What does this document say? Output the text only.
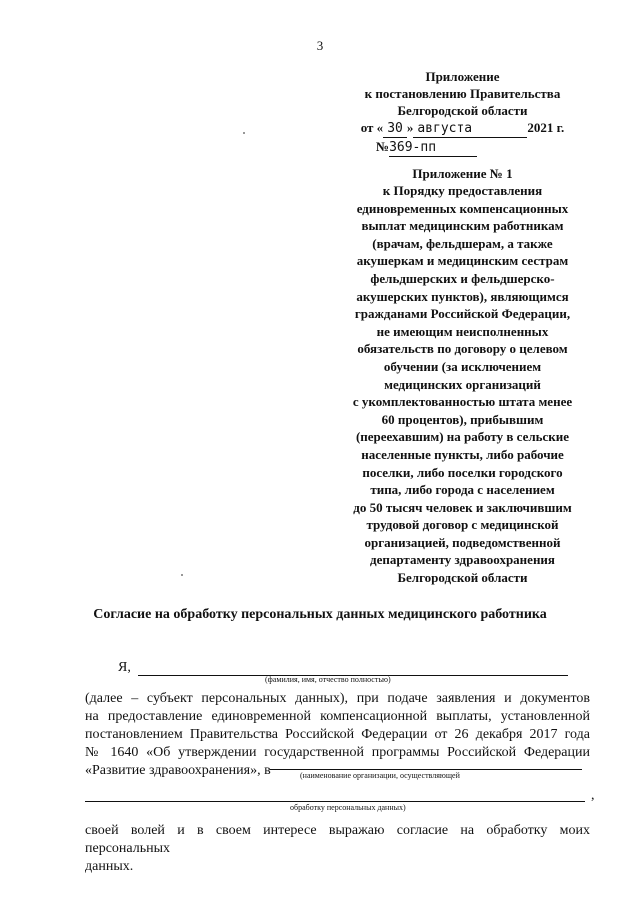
3
Приложение
к постановлению Правительства
Белгородской области
от « 30 » августа	2021 г.
№369-пп
Приложение № 1
к Порядку предоставления
единовременных компенсационных
выплат медицинским работникам
(врачам, фельдшерам, а также
акушеркам и медицинским сестрам
фельдшерских и фельдшерско-
акушерских пунктов), являющимся
гражданами Российской Федерации,
не имеющим неисполненных
обязательств по договору о целевом
обучении (за исключением
медицинских организаций
с укомплектованностью штата менее
60 процентов), прибывшим
(переехавшим) на работу в сельские
населенные пункты, либо рабочие
поселки, либо поселки городского
типа, либо города с населением
до 50 тысяч человек и заключившим
трудовой договор с медицинской
организацией, подведомственной
департаменту здравоохранения
Белгородской области
Согласие на обработку персональных данных медицинского работника
Я,
(фамилия, имя, отчество полностью)
(далее – субъект персональных данных), при подаче заявления и документов
на предоставление единовременной компенсационной выплаты, установленной
постановлением Правительства Российской Федерации от 26 декабря 2017 года
№ 1640 «Об утверждении государственной программы Российской Федерации
«Развитие здравоохранения», в	(наименование организации, осуществляющей
,
обработку персональных данных)
своей волей и в своем интересе выражаю согласие на обработку моих персональных
данных.
